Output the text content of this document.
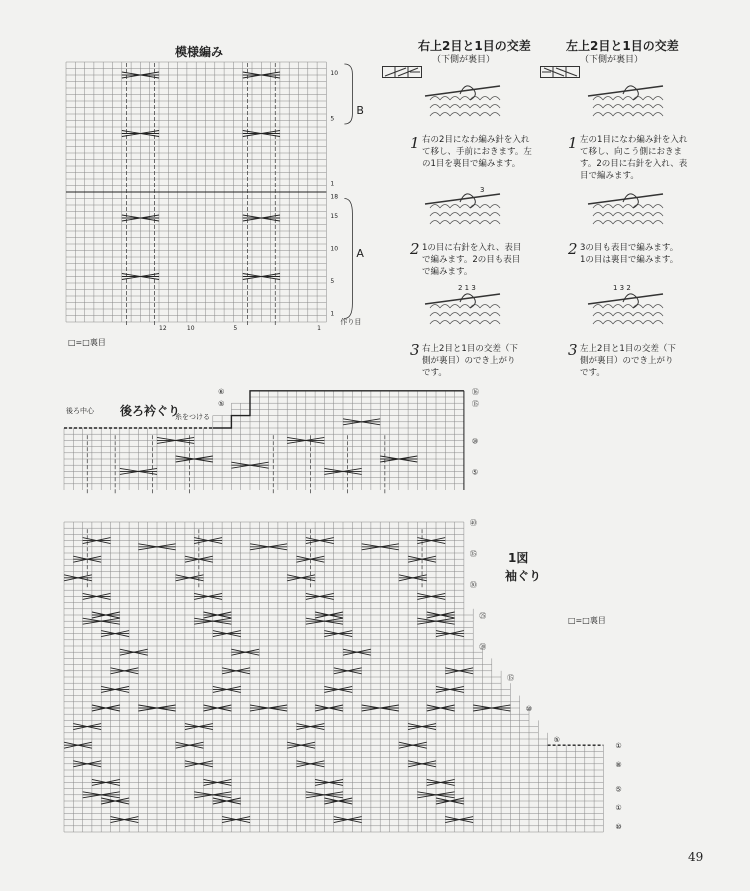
模様編み
10
5
1
18
15
10
5
1
B
A
12	10	5	1
作り目
□=□裏目
右上2目と1目の交差
（下側が裏目）
1 右の2目になわ編み針を入れて移し、手前におきます。左の1目を裏目で編みます。
3
2 1の目に右針を入れ、表目で編みます。2の目も表目で編みます。
2 1 3
3 右上2目と1目の交差（下側が裏目）のでき上がりです。
左上2目と1目の交差
（下側が裏目）
1 左の1目になわ編み針を入れて移し、向こう側におきます。2の目に右針を入れ、表目で編みます。
2 3の目も表目で編みます。1の目は裏目で編みます。
1 3 2
3 左上2目と1目の交差（下側が裏目）のでき上がりです。
後ろ中心 後ろ衿ぐり
糸をつける
⑥
⑤
⑯
⑮
⑩
⑤
㊵
㉟
㉚
㉕
⑳
⑮
⑩
⑤
①
⑧
⑤
①
⑩
1図
袖ぐり
□=□裏目
49
